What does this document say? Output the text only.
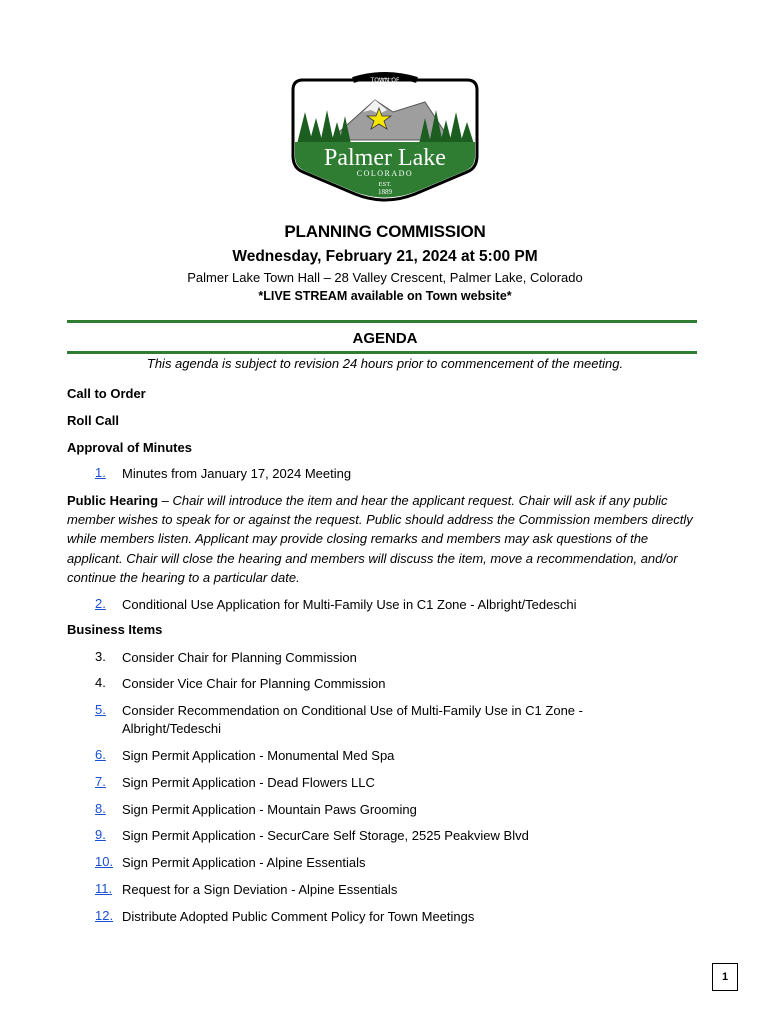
TOWN OF
Palmer Lake
COLORADO
EST.
1889
PLANNING COMMISSION
Wednesday, February 21, 2024 at 5:00 PM
Palmer Lake Town Hall – 28 Valley Crescent, Palmer Lake, Colorado
*LIVE STREAM available on Town website*
AGENDA
This agenda is subject to revision 24 hours prior to commencement of the meeting.
Call to Order
Roll Call
Approval of Minutes
1.	Minutes from January 17, 2024 Meeting
Public Hearing – Chair will introduce the item and hear the applicant request. Chair will ask if any public member wishes to speak for or against the request. Public should address the Commission members directly while members listen. Applicant may provide closing remarks and members may ask questions of the applicant. Chair will close the hearing and members will discuss the item, move a recommendation, and/or continue the hearing to a particular date.
2.	Conditional Use Application for Multi-Family Use in C1 Zone - Albright/Tedeschi
Business Items
3.	Consider Chair for Planning Commission
4.	Consider Vice Chair for Planning Commission
5.	Consider Recommendation on Conditional Use of Multi-Family Use in C1 Zone - Albright/Tedeschi
6.	Sign Permit Application - Monumental Med Spa
7.	Sign Permit Application - Dead Flowers LLC
8.	Sign Permit Application - Mountain Paws Grooming
9.	Sign Permit Application - SecurCare Self Storage, 2525 Peakview Blvd
10. Sign Permit Application - Alpine Essentials
11. Request for a Sign Deviation - Alpine Essentials
12. Distribute Adopted Public Comment Policy for Town Meetings
1
